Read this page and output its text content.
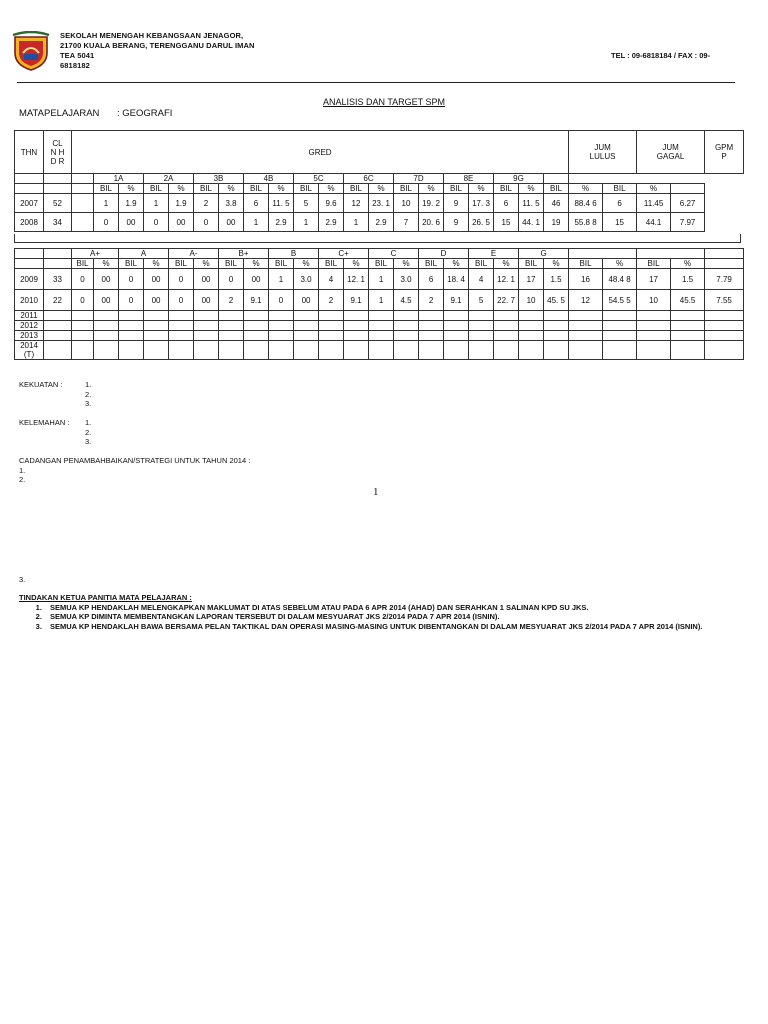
SEKOLAH MENENGAH KEBANGSAAN JENAGOR,
21700 KUALA BERANG, TERENGGANU DARUL IMAN
TEA 5041
6818182
TEL : 09-6818184 / FAX : 09-
ANALISIS DAN TARGET SPM
MATAPELAJARAN : GEOGRAFI
THN	CL N HD R	GRED																				JUM LULUS		JUM GAGAL		GPM P
			1A		2A		3B		4B		5C		6C		7D		8E		9G							
			BIL	%	BIL	%	BIL	%	BIL	%	BIL	%	BIL	%	BIL	%	BIL	%	BIL	%	BIL	%	BIL	%		
2007	52		1	1.9	1	1.9	2	3.8	6	11. 5	5	9.6	12	23. 1	10	19. 2	9	17. 3	6	11. 5	46	88.4 6	6	11.45	6.27	
2008	34		0	00	0	00	0	00	1	2.9	1	2.9	1	2.9	7	20. 6	9	26. 5	15	44. 1	19	55.8 8	15	44.1	7.97	
		A+		A		A-		B+		B		C+		C		D		E		G						
		BIL	%	BIL	%	BIL	%	BIL	%	BIL	%	BIL	%	BIL	%	BIL	%	BIL	%	BIL	%	BIL	%	BIL	%	
2009	33	0	00	0	00	0	00	0	00	1	3.0	4	12. 1	1	3.0	6	18. 4	4	12. 1	17	1.5	16	48.4 8	17	1.5	7.79
2010	22	0	00	0	00	0	00	2	9.1	0	00	2	9.1	1	4.5	2	9.1	5	22. 7	10	45. 5	12	54.5 5	10	45.5	7.55
2011																										
2012																										
2013																										
2014 (T)																										
KEKUATAN :	1.
2.
3.
KELEMAHAN : 1.
2.
3.
CADANGAN PENAMBAHBAIKAN/STRATEGI UNTUK TAHUN 2014 :
1.
2.
1
3.
TINDAKAN KETUA PANITIA MATA PELAJARAN :
1. SEMUA KP HENDAKLAH MELENGKAPKAN MAKLUMAT DI ATAS SEBELUM ATAU PADA 6 APR 2014 (AHAD) DAN SERAHKAN 1 SALINAN KPD SU JKS.
2. SEMUA KP DIMINTA MEMBENTANGKAN LAPORAN TERSEBUT DI DALAM MESYUARAT JKS 2/2014 PADA 7 APR 2014 (ISNIN).
3. SEMUA KP HENDAKLAH BAWA BERSAMA PELAN TAKTIKAL DAN OPERASI MASING-MASING UNTUK DIBENTANGKAN DI DALAM MESYUARAT JKS 2/2014 PADA 7 APR 2014 (ISNIN).
